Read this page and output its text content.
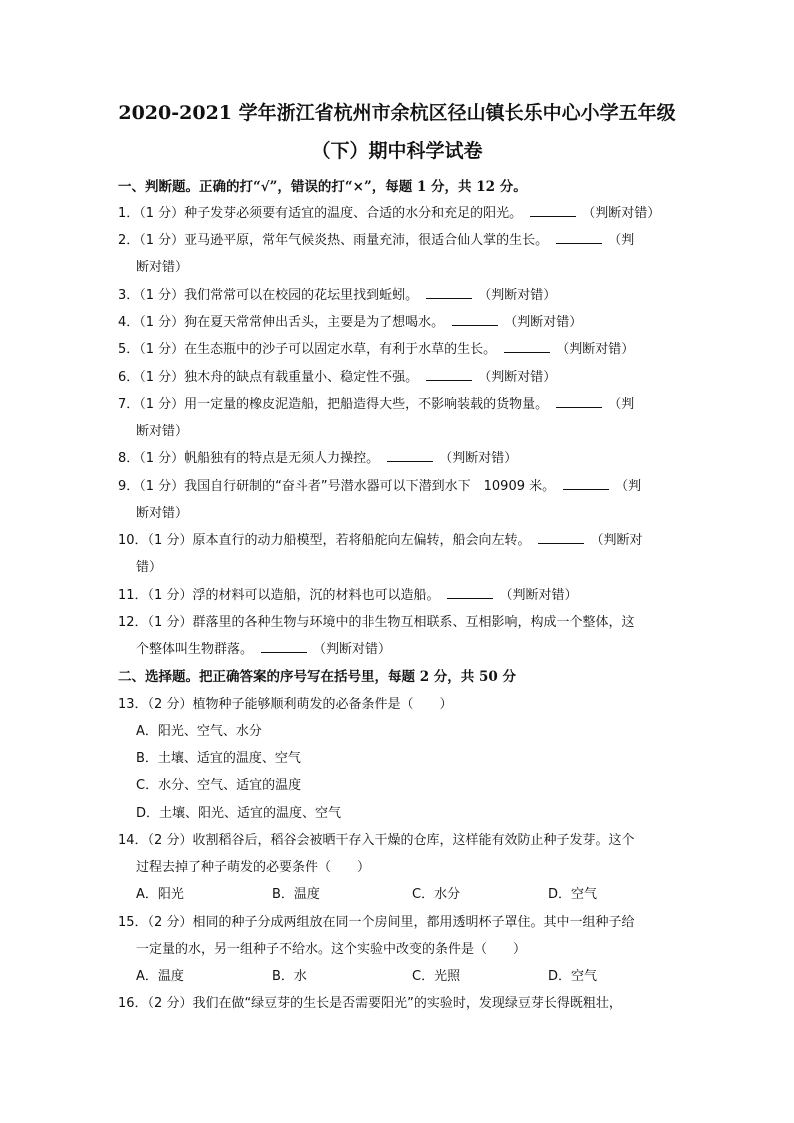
2020-2021 学年浙江省杭州市余杭区径山镇长乐中心小学五年级
（下）期中科学试卷
一、判断题。正确的打“√”，错误的打“×”，每题 1 分，共 12 分。
1．（1 分）种子发芽必须要有适宜的温度、合适的水分和充足的阳光。	（判断对错）
2．（1 分）亚马逊平原，常年气候炎热、雨量充沛，很适合仙人掌的生长。	（判
断对错）
3．（1 分）我们常常可以在校园的花坛里找到蚯蚓。	（判断对错）
4．（1 分）狗在夏天常常伸出舌头，主要是为了想喝水。	（判断对错）
5．（1 分）在生态瓶中的沙子可以固定水草，有利于水草的生长。	（判断对错）
6．（1 分）独木舟的缺点有载重量小、稳定性不强。	（判断对错）
7．（1 分）用一定量的橡皮泥造船，把船造得大些，不影响装载的货物量。	（判
断对错）
8．（1 分）帆船独有的特点是无须人力操控。	（判断对错）
9．（1 分）我国自行研制的“奋斗者”号潜水器可以下潜到水下　10909 米。	（判
断对错）
10．（1 分）原本直行的动力船模型，若将船舵向左偏转，船会向左转。	（判断对
错）
11．（1 分）浮的材料可以造船，沉的材料也可以造船。	（判断对错）
12．（1 分）群落里的各种生物与环境中的非生物互相联系、互相影响，构成一个整体，这
个整体叫生物群落。	（判断对错）
二、选择题。把正确答案的序号写在括号里，每题 2 分，共 50 分
13．（2 分）植物种子能够顺利萌发的必备条件是（　　）
A．阳光、空气、水分
B．土壤、适宜的温度、空气
C．水分、空气、适宜的温度
D．土壤、阳光、适宜的温度、空气
14．（2 分）收割稻谷后，稻谷会被晒干存入干燥的仓库，这样能有效防止种子发芽。这个
过程去掉了种子萌发的必要条件（　　）
A．阳光	B．温度	C．水分	D．空气
15．（2 分）相同的种子分成两组放在同一个房间里，都用透明杯子罩住。其中一组种子给
一定量的水，另一组种子不给水。这个实验中改变的条件是（　　）
A．温度	B．水	C．光照	D．空气
16．（2 分）我们在做“绿豆芽的生长是否需要阳光”的实验时，发现绿豆芽长得既粗壮，
